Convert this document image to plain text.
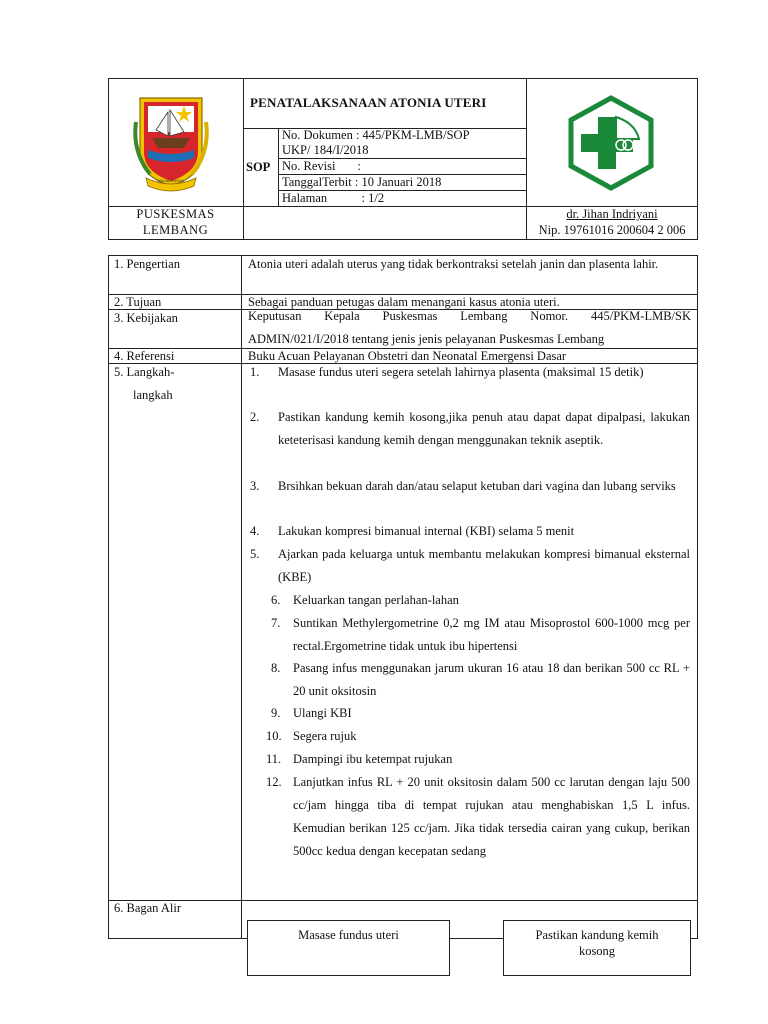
MAJALENGKA
PENATALAKSANAAN ATONIA UTERI
SOP
No. Dokumen : 445/PKM-LMB/SOP
UKP/ 184/I/2018
No. Revisi       :
TanggalTerbit : 10 Januari 2018
Halaman           : 1/2
PUSKESMAS
LEMBANG
dr. Jihan Indriyani
Nip. 19761016 200604 2 006
1. Pengertian
2. Tujuan
3. Kebijakan
4. Referensi
5. Langkah-
langkah
6. Bagan Alir
Atonia uteri adalah uterus yang tidak berkontraksi setelah janin dan plasenta lahir.
Sebagai panduan petugas dalam menangani kasus atonia uteri.
Keputusan Kepala Puskesmas Lembang Nomor. 445/PKM-LMB/SK ADMIN/021/I/2018 tentang jenis jenis pelayanan Puskesmas Lembang
Buku Acuan Pelayanan Obstetri dan Neonatal Emergensi Dasar
1. Masase fundus uteri segera setelah lahirnya plasenta (maksimal 15 detik)
2. Pastikan kandung kemih kosong,jika penuh atau dapat dapat dipalpasi, lakukan keteterisasi kandung kemih dengan menggunakan teknik aseptik.
3. Brsihkan bekuan darah dan/atau selaput ketuban dari vagina dan lubang serviks
4. Lakukan kompresi bimanual internal (KBI) selama 5 menit
5. Ajarkan pada keluarga untuk membantu melakukan kompresi bimanual eksternal (KBE)
6. Keluarkan tangan perlahan-lahan
7. Suntikan Methylergometrine 0,2 mg IM atau Misoprostol 600-1000 mcg per rectal.Ergometrine tidak untuk ibu hipertensi
8. Pasang infus menggunakan jarum ukuran 16 atau 18 dan berikan 500 cc RL + 20 unit oksitosin
9. Ulangi KBI
10. Segera rujuk
11. Dampingi ibu ketempat rujukan
12. Lanjutkan infus RL + 20 unit oksitosin dalam 500 cc larutan dengan laju 500 cc/jam hingga tiba di tempat rujukan atau menghabiskan 1,5 L infus. Kemudian berikan 125 cc/jam. Jika tidak tersedia cairan yang cukup, berikan 500cc kedua dengan kecepatan sedang
Masase fundus uteri	Pastikan kandung kemih kosong
